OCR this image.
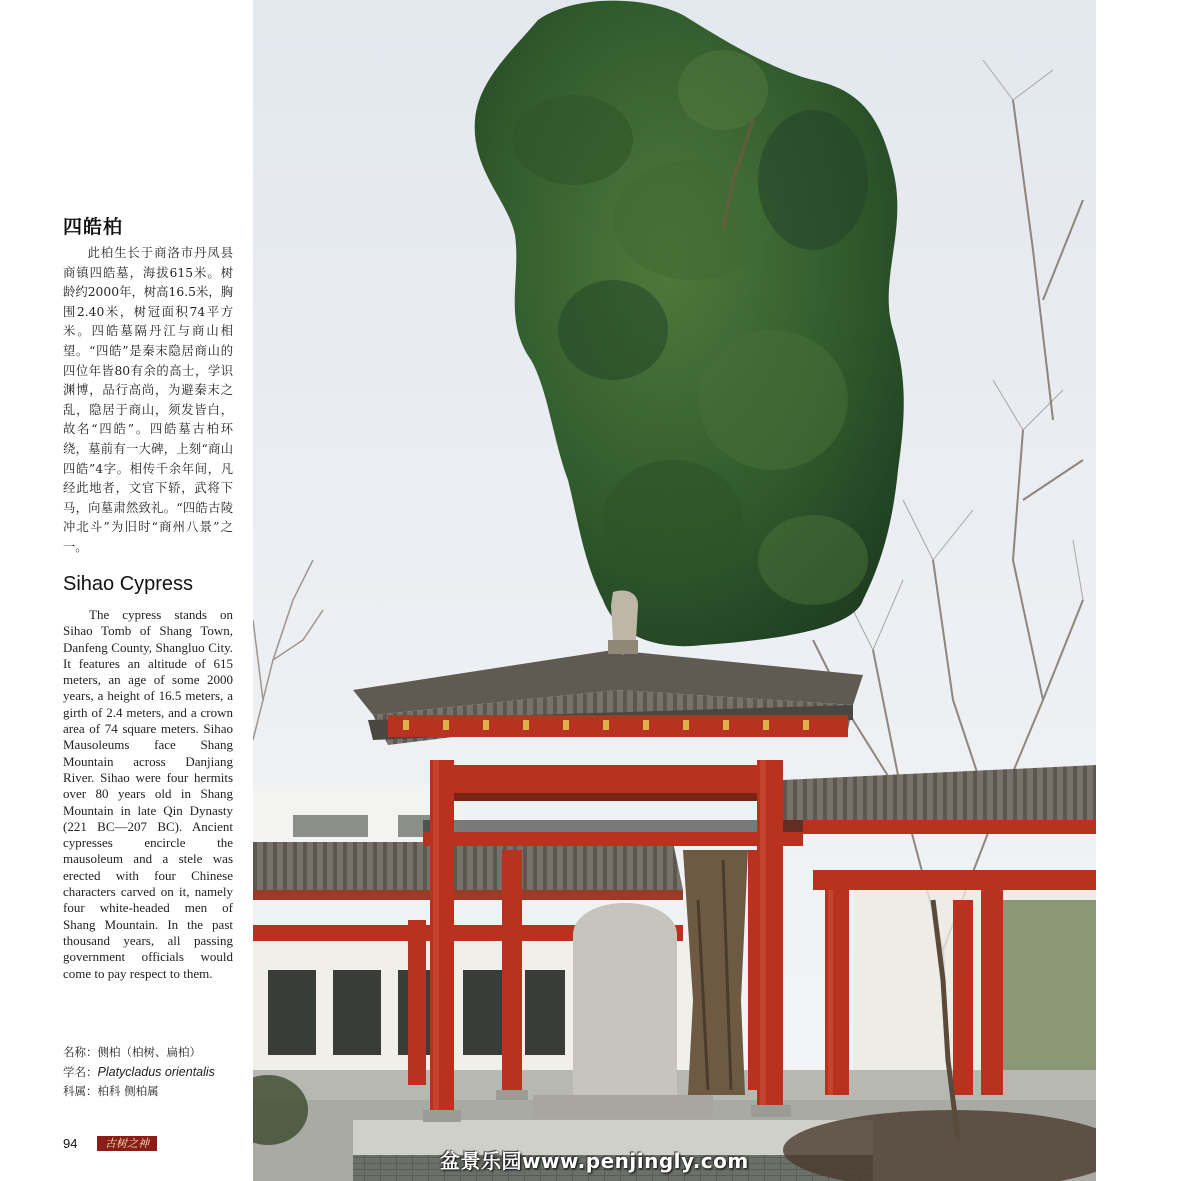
四皓柏
此柏生长于商洛市丹凤县商镇四皓墓，海拔615米。树龄约2000年，树高16.5米，胸围2.40米，树冠面积74平方米。四皓墓隔丹江与商山相望。“四皓”是秦末隐居商山的四位年皆80有余的高士，学识渊博，品行高尚，为避秦末之乱，隐居于商山，须发皆白，故名“四皓”。四皓墓古柏环绕，墓前有一大碑，上刻“商山四皓”4字。相传千余年间，凡经此地者，文官下轿，武将下马，向墓肃然致礼。“四皓古陵冲北斗”为旧时“商州八景”之一。
Sihao Cypress
The cypress stands on Sihao Tomb of Shang Town, Danfeng County, Shangluo City. It features an altitude of 615 meters, an age of some 2000 years, a height of 16.5 meters, a girth of 2.4 meters, and a crown area of 74 square meters. Sihao Mausoleums face Shang Mountain across Danjiang River. Sihao were four hermits over 80 years old in Shang Mountain in late Qin Dynasty (221 BC—207 BC). Ancient cypresses encircle the mausoleum and a stele was erected with four Chinese characters carved on it, namely four white-headed men of Shang Mountain. In the past thousand years, all passing government officials would come to pay respect to them.
名称：侧柏（柏树、扁柏）
学名：Platycladus orientalis
科属：柏科 侧柏属
94	古树之神
盆景乐园www.penjingly.com
